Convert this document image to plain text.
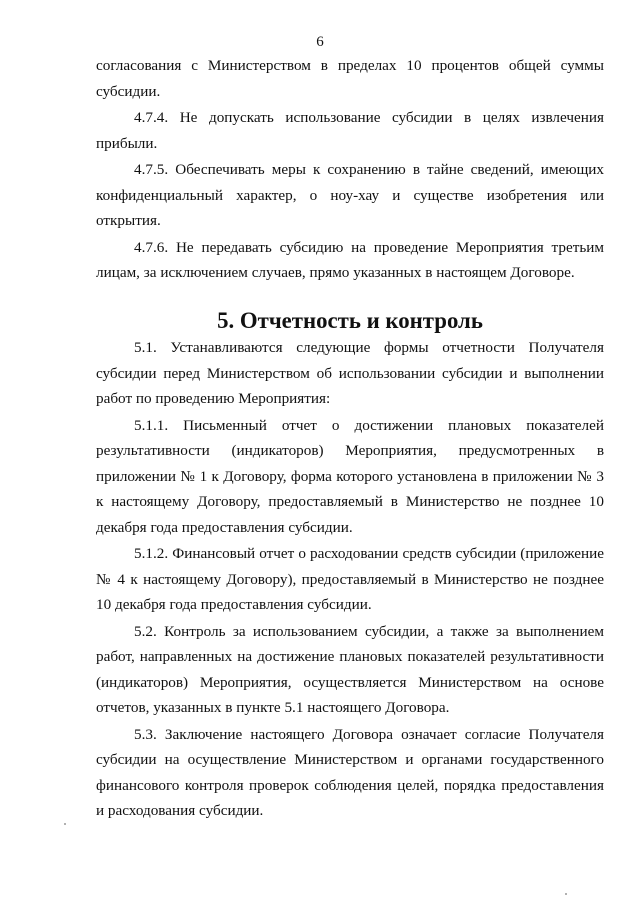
6

согласования с Министерством в пределах 10 процентов общей суммы субсидии.

4.7.4. Не допускать использование субсидии в целях извлечения прибыли.

4.7.5. Обеспечивать меры к сохранению в тайне сведений, имеющих конфиденциальный характер, о ноу-хау и существе изобретения или открытия.

4.7.6. Не передавать субсидию на проведение Мероприятия третьим лицам, за исключением случаев, прямо указанных в настоящем Договоре.

5. Отчетность и контроль

5.1. Устанавливаются следующие формы отчетности Получателя субсидии перед Министерством об использовании субсидии и выполнении работ по проведению Мероприятия:

5.1.1. Письменный отчет о достижении плановых показателей результативности (индикаторов) Мероприятия, предусмотренных в приложении № 1 к Договору, форма которого установлена в приложении № 3 к настоящему Договору, предоставляемый в Министерство не позднее 10 декабря года предоставления субсидии.

5.1.2. Финансовый отчет о расходовании средств субсидии (приложение № 4 к настоящему Договору), предоставляемый в Министерство не позднее 10 декабря года предоставления субсидии.

5.2. Контроль за использованием субсидии, а также за выполнением работ, направленных на достижение плановых показателей результативности (индикаторов) Мероприятия, осуществляется Министерством на основе отчетов, указанных в пункте 5.1 настоящего Договора.

5.3. Заключение настоящего Договора означает согласие Получателя субсидии на осуществление Министерством и органами государственного финансового контроля проверок соблюдения целей, порядка предоставления и расходования субсидии.
